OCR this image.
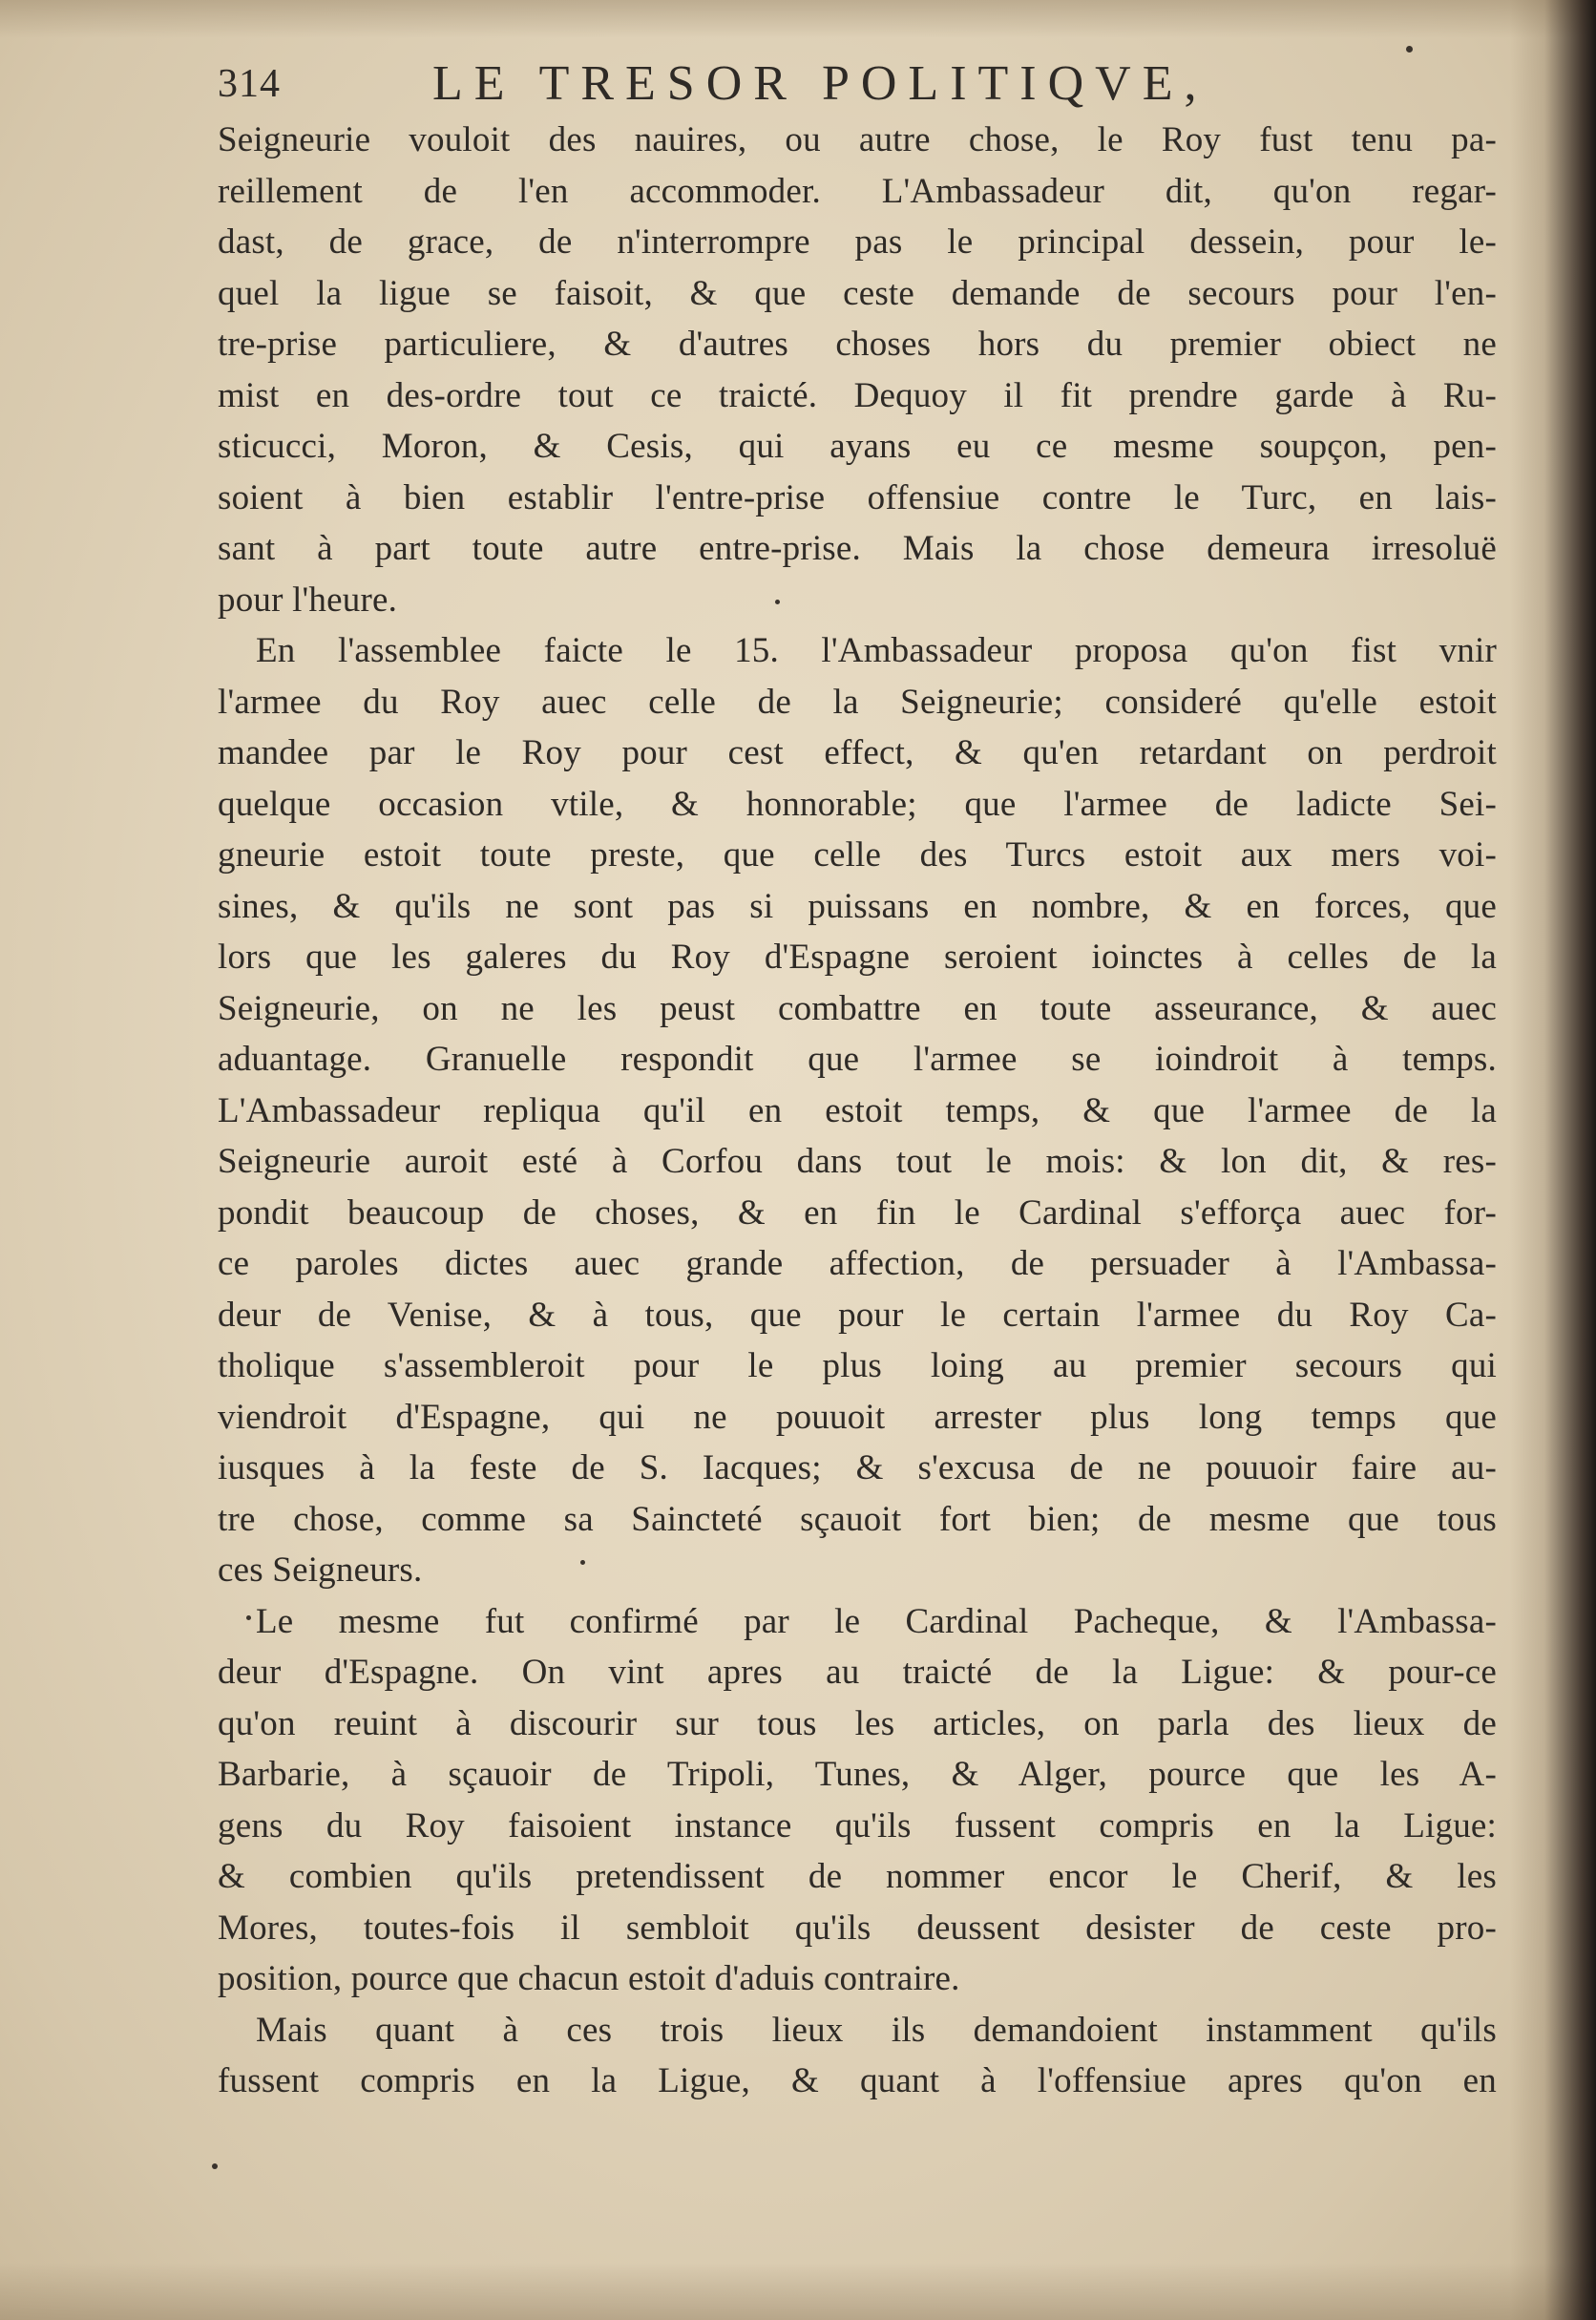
314	LE TRESOR POLITIQVE,
Seigneurie vouloit des nauires, ou autre chose, le Roy fust tenu pa-
reillement de l'en accommoder. L'Ambassadeur dit, qu'on regar-
dast, de grace, de n'interrompre pas le principal dessein, pour le-
quel la ligue se faisoit, & que ceste demande de secours pour l'en-
tre-prise particuliere, & d'autres choses hors du premier obiect ne
mist en des-ordre tout ce traicté. Dequoy il fit prendre garde à Ru-
sticucci, Moron, & Cesis, qui ayans eu ce mesme soupçon, pen-
soient à bien establir l'entre-prise offensiue contre le Turc, en lais-
sant à part toute autre entre-prise. Mais la chose demeura irresoluë
pour l'heure.
En l'assemblee faicte le 15. l'Ambassadeur proposa qu'on fist vnir
l'armee du Roy auec celle de la Seigneurie; consideré qu'elle estoit
mandee par le Roy pour cest effect, & qu'en retardant on perdroit
quelque occasion vtile, & honnorable; que l'armee de ladicte Sei-
gneurie estoit toute preste, que celle des Turcs estoit aux mers voi-
sines, & qu'ils ne sont pas si puissans en nombre, & en forces, que
lors que les galeres du Roy d'Espagne seroient ioinctes à celles de la
Seigneurie, on ne les peust combattre en toute asseurance, & auec
aduantage. Granuelle respondit que l'armee se ioindroit à temps.
L'Ambassadeur repliqua qu'il en estoit temps, & que l'armee de la
Seigneurie auroit esté à Corfou dans tout le mois: & lon dit, & res-
pondit beaucoup de choses, & en fin le Cardinal s'efforça auec for-
ce paroles dictes auec grande affection, de persuader à l'Ambassa-
deur de Venise, & à tous, que pour le certain l'armee du Roy Ca-
tholique s'assembleroit pour le plus loing au premier secours qui
viendroit d'Espagne, qui ne pouuoit arrester plus long temps que
iusques à la feste de S. Iacques; & s'excusa de ne pouuoir faire au-
tre chose, comme sa Saincteté sçauoit fort bien; de mesme que tous
ces Seigneurs.
Le mesme fut confirmé par le Cardinal Pacheque, & l'Ambassa-
deur d'Espagne. On vint apres au traicté de la Ligue: & pour-ce
qu'on reuint à discourir sur tous les articles, on parla des lieux de
Barbarie, à sçauoir de Tripoli, Tunes, & Alger, pource que les A-
gens du Roy faisoient instance qu'ils fussent compris en la Ligue:
& combien qu'ils pretendissent de nommer encor le Cherif, & les
Mores, toutes-fois il sembloit qu'ils deussent desister de ceste pro-
position, pource que chacun estoit d'aduis contraire.
Mais quant à ces trois lieux ils demandoient instamment qu'ils
fussent compris en la Ligue, & quant à l'offensiue apres qu'on en
